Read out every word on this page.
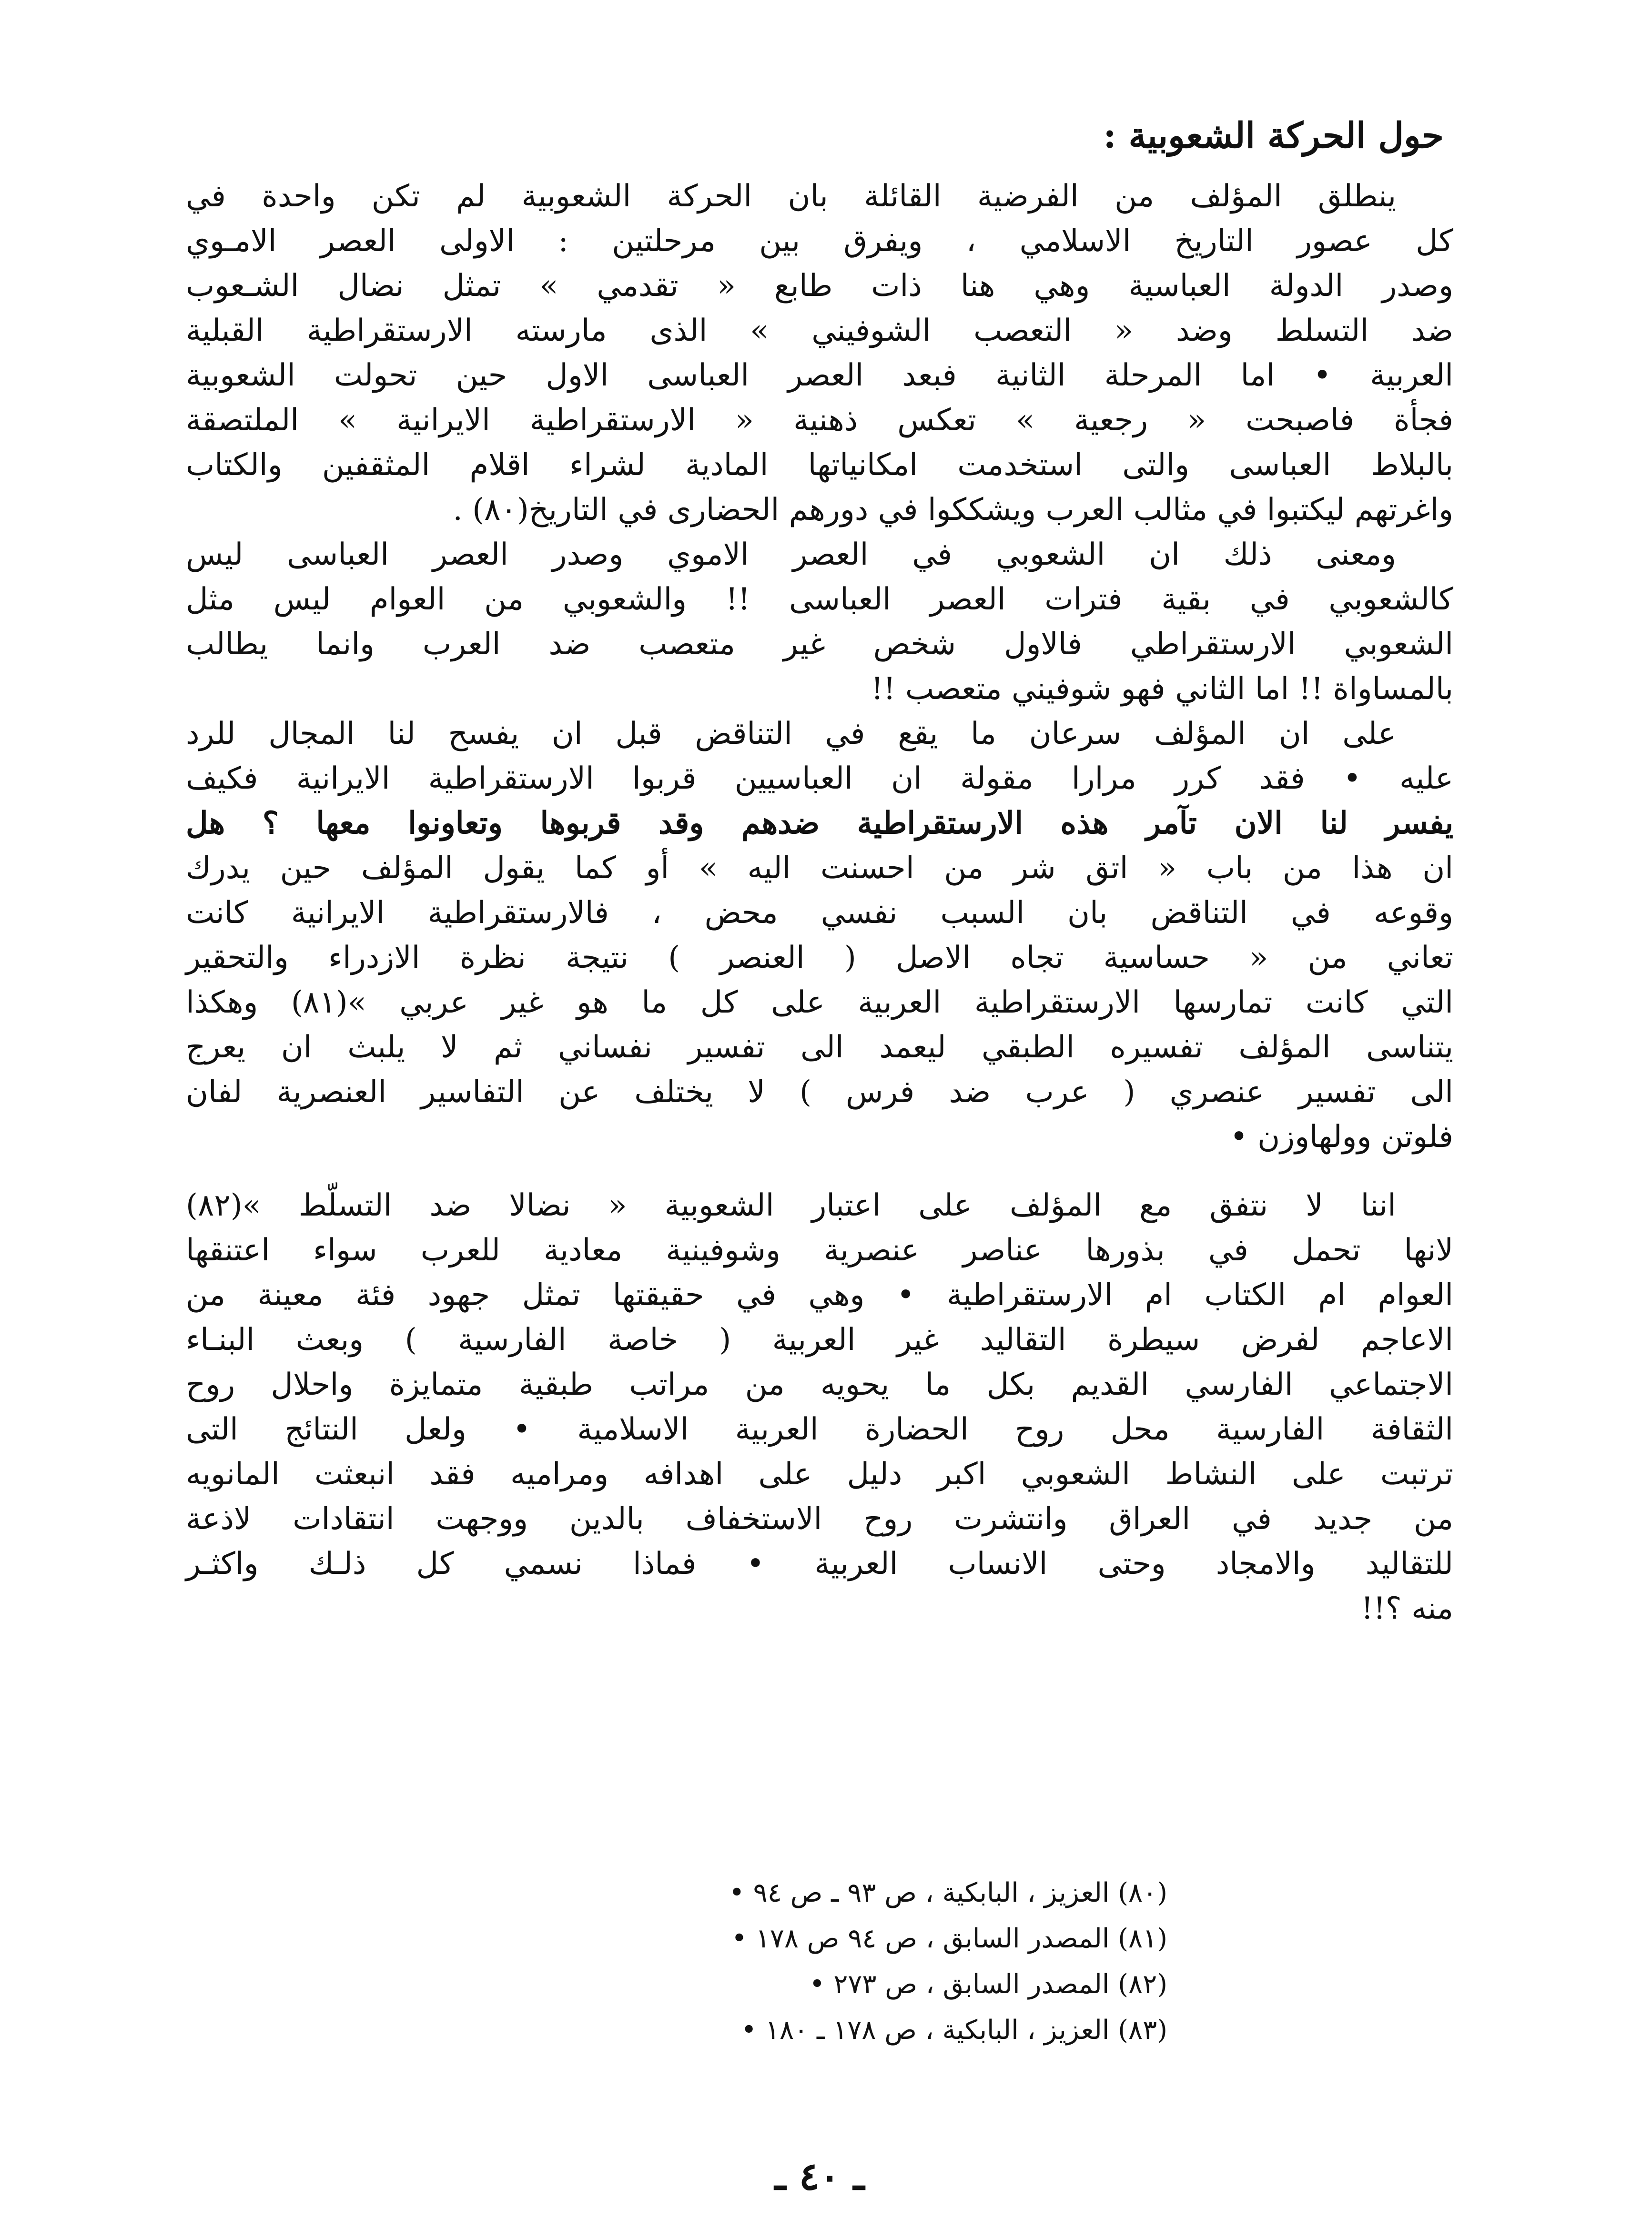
حول الحركة الشعوبية :

ينطلق المؤلف من الفرضية القائلة بان الحركة الشعوبية لم تكن واحدة في
كل عصور التاريخ الاسلامي ، ويفرق بين مرحلتين : الاولى العصر الامـوي
وصدر الدولة العباسية وهي هنا ذات طابع « تقدمي » تمثل نضال الشـعوب
ضد التسلط وضد « التعصب الشوفيني » الذى مارسته الارستقراطية القبلية
العربية • اما المرحلة الثانية فبعد العصر العباسى الاول حين تحولت الشعوبية
فجأة فاصبحت « رجعية » تعكس ذهنية « الارستقراطية الايرانية » الملتصقة
بالبلاط العباسى والتى استخدمت امكانياتها المادية لشراء اقلام المثقفين والكتاب
واغرتهم ليكتبوا في مثالب العرب ويشككوا في دورهم الحضارى في التاريخ(٨٠) .

ومعنى ذلك ان الشعوبي في العصر الاموي وصدر العصر العباسى ليس
كالشعوبي في بقية فترات العصر العباسى !! والشعوبي من العوام ليس مثل
الشعوبي الارستقراطي فالاول شخص غير متعصب ضد العرب وانما يطالب
بالمساواة !! اما الثاني فهو شوفيني متعصب !!

على ان المؤلف سرعان ما يقع في التناقض قبل ان يفسح لنا المجال للرد
عليه • فقد كرر مرارا مقولة ان العباسيين قربوا الارستقراطية الايرانية فكيف
يفسر لنا الان تآمر هذه الارستقراطية ضدهم وقد قربوها وتعاونوا معها ؟ هل
ان هذا من باب « اتق شر من احسنت اليه » أو كما يقول المؤلف حين يدرك
وقوعه في التناقض بان السبب نفسي محض ، فالارستقراطية الايرانية كانت
تعاني من « حساسية تجاه الاصل ( العنصر ) نتيجة نظرة الازدراء والتحقير
التي كانت تمارسها الارستقراطية العربية على كل ما هو غير عربي »(٨١) وهكذا
يتناسى المؤلف تفسيره الطبقي ليعمد الى تفسير نفساني ثم لا يلبث ان يعرج
الى تفسير عنصري ( عرب ضد فرس ) لا يختلف عن التفاسير العنصرية لفان
فلوتن وولهاوزن •

اننا لا نتفق مع المؤلف على اعتبار الشعوبية « نضالا ضد التسلّط »(٨٢)
لانها تحمل في بذورها عناصر عنصرية وشوفينية معادية للعرب سواء اعتنقها
العوام ام الكتاب ام الارستقراطية • وهي في حقيقتها تمثل جهود فئة معينة من
الاعاجم لفرض سيطرة التقاليد غير العربية ( خاصة الفارسية ) وبعث البنـاء
الاجتماعي الفارسي القديم بكل ما يحويه من مراتب طبقية متمايزة واحلال روح
الثقافة الفارسية محل روح الحضارة العربية الاسلامية • ولعل النتائج التى
ترتبت على النشاط الشعوبي اكبر دليل على اهدافه ومراميه فقد انبعثت المانويه
من جديد في العراق وانتشرت روح الاستخفاف بالدين ووجهت انتقادات لاذعة
للتقاليد والامجاد وحتى الانساب العربية • فماذا نسمي كل ذلـك واكثـر
منه ؟!!

(٨٠) العزيز ، البابكية ، ص ٩٣ ـ ص ٩٤ •
(٨١) المصدر السابق ، ص ٩٤ ص ١٧٨ •
(٨٢) المصدر السابق ، ص ٢٧٣ •
(٨٣) العزيز ، البابكية ، ص ١٧٨ ـ ١٨٠ •
ـ ٤٠ ـ
